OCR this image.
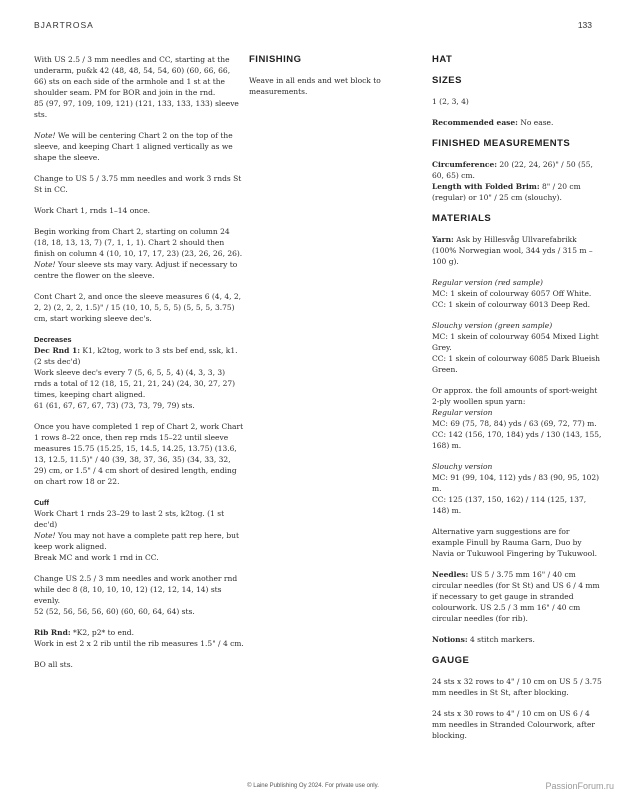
BJARTROSA	133

With US 2.5 / 3 mm needles and CC, starting at the underarm, pu&k 42 (48, 48, 54, 54, 60) (60, 66, 66, 66) sts on each side of the armhole and 1 st at the shoulder seam. PM for BOR and join in the rnd.
85 (97, 97, 109, 109, 121) (121, 133, 133, 133) sleeve sts.

Note! We will be centering Chart 2 on the top of the sleeve, and keeping Chart 1 aligned vertically as we shape the sleeve.

Change to US 5 / 3.75 mm needles and work 3 rnds St St in CC.

Work Chart 1, rnds 1–14 once.

Begin working from Chart 2, starting on column 24 (18, 18, 13, 13, 7) (7, 1, 1, 1). Chart 2 should then finish on column 4 (10, 10, 17, 17, 23) (23, 26, 26, 26).
Note! Your sleeve sts may vary. Adjust if necessary to centre the flower on the sleeve.

Cont Chart 2, and once the sleeve measures 6 (4, 4, 2, 2, 2) (2, 2, 2, 1.5)" / 15 (10, 10, 5, 5, 5) (5, 5, 5, 3.75) cm, start working sleeve dec's.

Decreases
Dec Rnd 1: K1, k2tog, work to 3 sts bef end, ssk, k1. (2 sts dec'd)
Work sleeve dec's every 7 (5, 6, 5, 5, 4) (4, 3, 3, 3) rnds a total of 12 (18, 15, 21, 21, 24) (24, 30, 27, 27) times, keeping chart aligned.
61 (61, 67, 67, 67, 73) (73, 73, 79, 79) sts.

Once you have completed 1 rep of Chart 2, work Chart 1 rows 8–22 once, then rep rnds 15–22 until sleeve measures 15.75 (15.25, 15, 14.5, 14.25, 13.75) (13.6, 13, 12.5, 11.5)" / 40 (39, 38, 37, 36, 35) (34, 33, 32, 29) cm, or 1.5" / 4 cm short of desired length, ending on chart row 18 or 22.

Cuff
Work Chart 1 rnds 23–29 to last 2 sts, k2tog. (1 st dec'd)
Note! You may not have a complete patt rep here, but keep work aligned.
Break MC and work 1 rnd in CC.

Change US 2.5 / 3 mm needles and work another rnd while dec 8 (8, 10, 10, 10, 12) (12, 12, 14, 14) sts evenly.
52 (52, 56, 56, 56, 60) (60, 60, 64, 64) sts.

Rib Rnd: *K2, p2* to end.
Work in est 2 x 2 rib until the rib measures 1.5" / 4 cm.

BO all sts.

FINISHING

Weave in all ends and wet block to measurements.

HAT
SIZES

1 (2, 3, 4)

Recommended ease: No ease.

FINISHED MEASUREMENTS

Circumference: 20 (22, 24, 26)" / 50 (55, 60, 65) cm.
Length with Folded Brim: 8" / 20 cm (regular) or 10" / 25 cm (slouchy).

MATERIALS

Yarn: Ask by Hillesvåg Ullvarefabrikk (100% Norwegian wool, 344 yds / 315 m – 100 g).

Regular version (red sample)
MC: 1 skein of colourway 6057 Off White.
CC: 1 skein of colourway 6013 Deep Red.

Slouchy version (green sample)
MC: 1 skein of colourway 6054 Mixed Light Grey.
CC: 1 skein of colourway 6085 Dark Blueish Green.

Or approx. the foll amounts of sport-weight 2-ply woollen spun yarn:

Regular version
MC: 69 (75, 78, 84) yds / 63 (69, 72, 77) m.
CC: 142 (156, 170, 184) yds / 130 (143, 155, 168) m.

Slouchy version
MC: 91 (99, 104, 112) yds / 83 (90, 95, 102) m.
CC: 125 (137, 150, 162) / 114 (125, 137, 148) m.

Alternative yarn suggestions are for example Finull by Rauma Garn, Duo by Navia or Tukuwool Fingering by Tukuwool.

Needles: US 5 / 3.75 mm 16" / 40 cm circular needles (for St St) and US 6 / 4 mm if necessary to get gauge in stranded colourwork. US 2.5 / 3 mm 16" / 40 cm circular needles (for rib).

Notions: 4 stitch markers.

GAUGE

24 sts x 32 rows to 4" / 10 cm on US 5 / 3.75 mm needles in St St, after blocking.

24 sts x 30 rows to 4" / 10 cm on US 6 / 4 mm needles in Stranded Colourwork, after blocking.

© Laine Publishing Oy 2024. For private use only.	PassionForum.ru
